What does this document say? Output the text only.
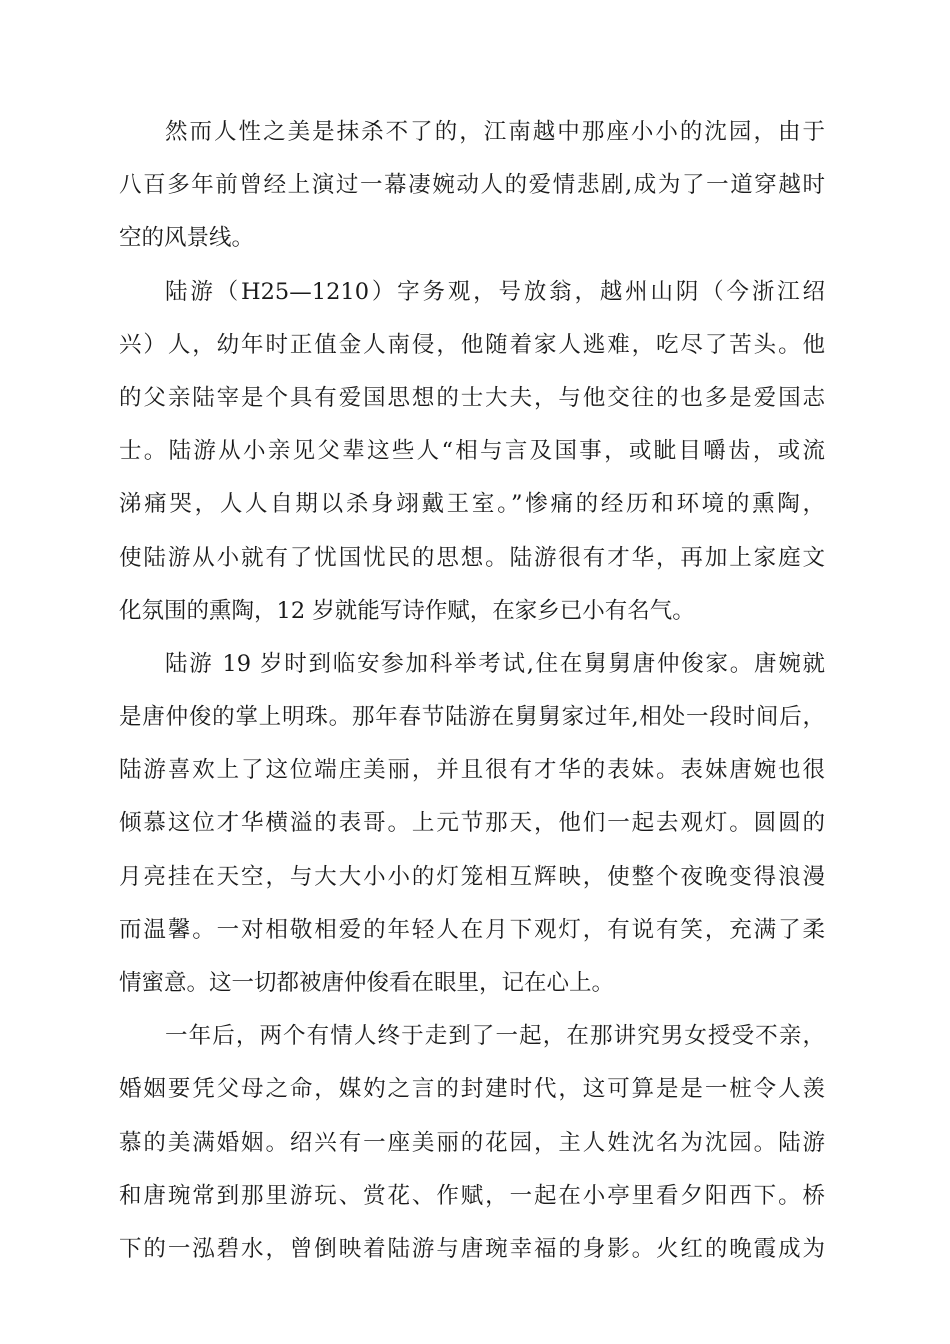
然而人性之美是抹杀不了的，江南越中那座小小的沈园，由于
八百多年前曾经上演过一幕凄婉动人的爱情悲剧,成为了一道穿越时
空的风景线。
陆游（H25—1210）字务观，号放翁，越州山阴（今浙江绍
兴）人，幼年时正值金人南侵，他随着家人逃难，吃尽了苦头。他
的父亲陆宰是个具有爱国思想的士大夫，与他交往的也多是爱国志
士。陆游从小亲见父辈这些人“相与言及国事，或眦目嚼齿，或流
涕痛哭，人人自期以杀身翊戴王室。”惨痛的经历和环境的熏陶，
使陆游从小就有了忧国忧民的思想。陆游很有才华，再加上家庭文
化氛围的熏陶，12 岁就能写诗作赋，在家乡已小有名气。
陆游 19 岁时到临安参加科举考试,住在舅舅唐仲俊家。唐婉就
是唐仲俊的掌上明珠。那年春节陆游在舅舅家过年,相处一段时间后，
陆游喜欢上了这位端庄美丽，并且很有才华的表妹。表妹唐婉也很
倾慕这位才华横溢的表哥。上元节那天，他们一起去观灯。圆圆的
月亮挂在天空，与大大小小的灯笼相互辉映，使整个夜晚变得浪漫
而温馨。一对相敬相爱的年轻人在月下观灯，有说有笑，充满了柔
情蜜意。这一切都被唐仲俊看在眼里，记在心上。
一年后，两个有情人终于走到了一起，在那讲究男女授受不亲，
婚姻要凭父母之命，媒妁之言的封建时代，这可算是是一桩令人羡
慕的美满婚姻。绍兴有一座美丽的花园，主人姓沈名为沈园。陆游
和唐琬常到那里游玩、赏花、作赋，一起在小亭里看夕阳西下。桥
下的一泓碧水，曾倒映着陆游与唐琬幸福的身影。火红的晚霞成为
